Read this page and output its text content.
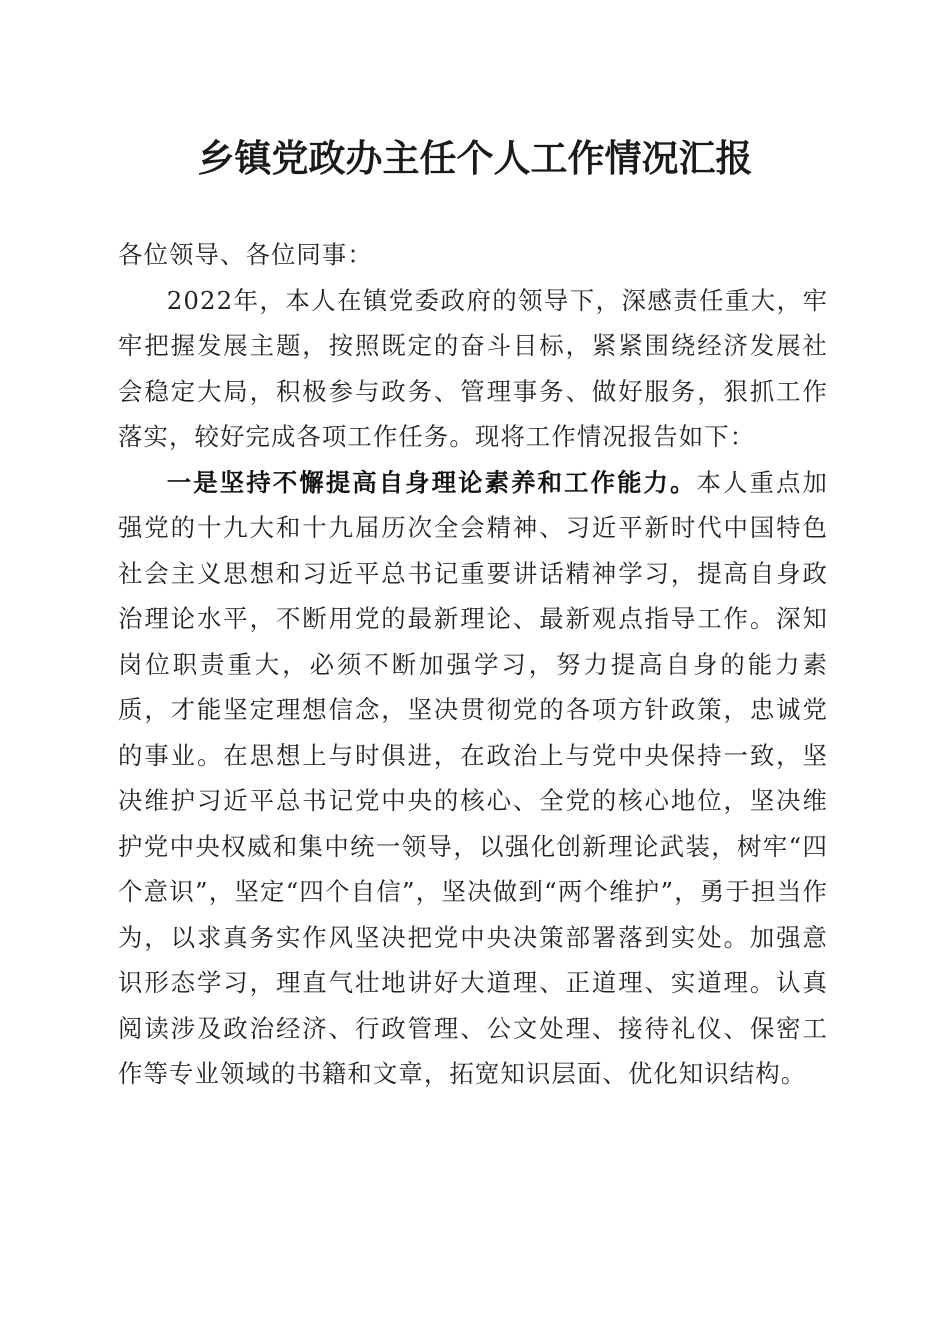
乡镇党政办主任个人工作情况汇报

各位领导、各位同事：

2022年，本人在镇党委政府的领导下，深感责任重大，牢牢把握发展主题，按照既定的奋斗目标，紧紧围绕经济发展社会稳定大局，积极参与政务、管理事务、做好服务，狠抓工作落实，较好完成各项工作任务。现将工作情况报告如下：

一是坚持不懈提高自身理论素养和工作能力。本人重点加强党的十九大和十九届历次全会精神、习近平新时代中国特色社会主义思想和习近平总书记重要讲话精神学习，提高自身政治理论水平，不断用党的最新理论、最新观点指导工作。深知岗位职责重大，必须不断加强学习，努力提高自身的能力素质，才能坚定理想信念，坚决贯彻党的各项方针政策，忠诚党的事业。在思想上与时俱进，在政治上与党中央保持一致，坚决维护习近平总书记党中央的核心、全党的核心地位，坚决维护党中央权威和集中统一领导，以强化创新理论武装，树牢“四个意识”，坚定“四个自信”，坚决做到“两个维护”，勇于担当作为，以求真务实作风坚决把党中央决策部署落到实处。加强意识形态学习，理直气壮地讲好大道理、正道理、实道理。认真阅读涉及政治经济、行政管理、公文处理、接待礼仪、保密工作等专业领域的书籍和文章，拓宽知识层面、优化知识结构。
